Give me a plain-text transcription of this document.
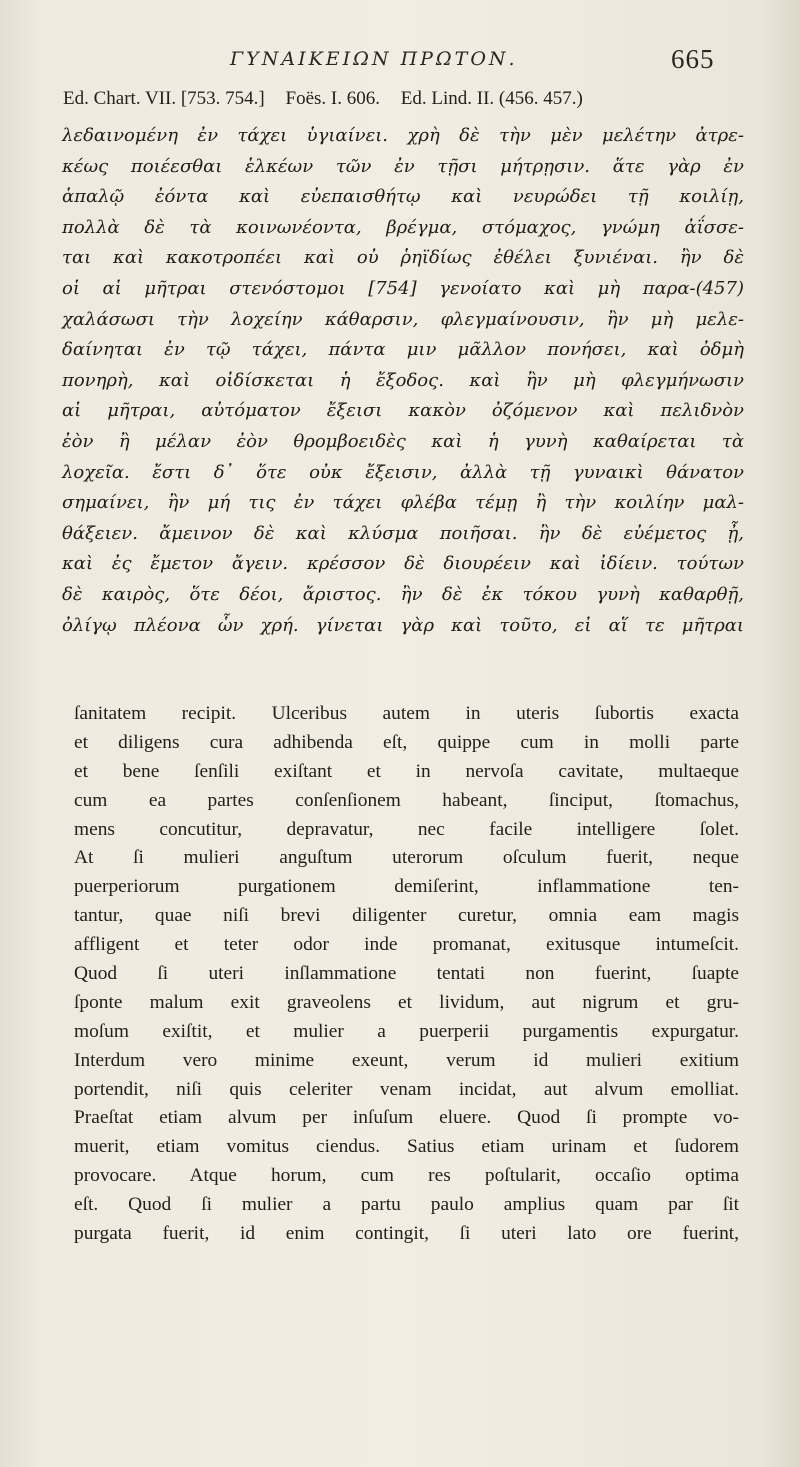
ΓΥΝΑΙΚΕΙΩΝ ΠΡΩΤΟΝ.	665
Ed. Chart. VII. [753. 754.] Foës. I. 606. Ed. Lind. II. (456. 457.)
λεδαινομένη ἐν τάχει ὑγιαίνει. χρὴ δὲ τὴν μὲν μελέτην ἀτρε-
κέως ποιέεσθαι ἑλκέων τῶν ἐν τῇσι μήτρῃσιν. ἅτε γὰρ ἐν
ἁπαλῷ ἐόντα καὶ εὐεπαισθήτῳ καὶ νευρώδει τῇ κοιλίῃ,
πολλὰ δὲ τὰ κοινωνέοντα, βρέγμα, στόμαχος, γνώμη ἀΐσσε-
ται καὶ κακοτροπέει καὶ οὐ ῥηϊδίως ἐθέλει ξυνιέναι. ἢν δὲ
οἱ αἱ μῆτραι στενόστομοι [754] γενοίατο καὶ μὴ παρα-(457)
χαλάσωσι τὴν λοχείην κάθαρσιν, φλεγμαίνουσιν, ἢν μὴ μελε-
δαίνηται ἐν τῷ τάχει, πάντα μιν μᾶλλον πονήσει, καὶ ὀδμὴ
πονηρὴ, καὶ οἰδίσκεται ἡ ἔξοδος. καὶ ἢν μὴ φλεγμήνωσιν
αἱ μῆτραι, αὐτόματον ἔξεισι κακὸν ὀζόμενον καὶ πελιδνὸν
ἐὸν ἢ μέλαν ἐὸν θρομβοειδὲς καὶ ἡ γυνὴ καθαίρεται τὰ
λοχεῖα. ἔστι δ᾿ ὅτε οὐκ ἔξεισιν, ἀλλὰ τῇ γυναικὶ θάνατον
σημαίνει, ἢν μή τις ἐν τάχει φλέβα τέμῃ ἢ τὴν κοιλίην μαλ-
θάξειεν. ἄμεινον δὲ καὶ κλύσμα ποιῆσαι. ἢν δὲ εὐέμετος ᾖ,
καὶ ἐς ἔμετον ἄγειν. κρέσσον δὲ διουρέειν καὶ ἰδίειν. τούτων
δὲ καιρὸς, ὅτε δέοι, ἄριστος. ἢν δὲ ἐκ τόκου γυνὴ καθαρθῇ,
ὀλίγῳ πλέονα ὧν χρή. γίνεται γὰρ καὶ τοῦτο, εἰ αἵ τε μῆτραι
ſanitatem recipit. Ulceribus autem in uteris ſubortis exacta
et diligens cura adhibenda eſt, quippe cum in molli parte
et bene ſenſili exiſtant et in nervoſa cavitate, multaeque
cum ea partes conſenſionem habeant, ſinciput, ſtomachus,
mens concutitur, depravatur, nec facile intelligere ſolet.
At ſi mulieri anguſtum uterorum oſculum fuerit, neque
puerperiorum purgationem demiſerint, inflammatione ten-
tantur, quae niſi brevi diligenter curetur, omnia eam magis
affligent et teter odor inde promanat, exitusque intumeſcit.
Quod ſi uteri inſlammatione tentati non fuerint, ſuapte
ſponte malum exit graveolens et lividum, aut nigrum et gru-
moſum exiſtit, et mulier a puerperii purgamentis expurgatur.
Interdum vero minime exeunt, verum id mulieri exitium
portendit, niſi quis celeriter venam incidat, aut alvum emolliat.
Praeſtat etiam alvum per inſuſum eluere. Quod ſi prompte vo-
muerit, etiam vomitus ciendus. Satius etiam urinam et ſudorem
provocare. Atque horum, cum res poſtularit, occaſio optima
eſt. Quod ſi mulier a partu paulo amplius quam par ſit
purgata fuerit, id enim contingit, ſi uteri lato ore fuerint,
